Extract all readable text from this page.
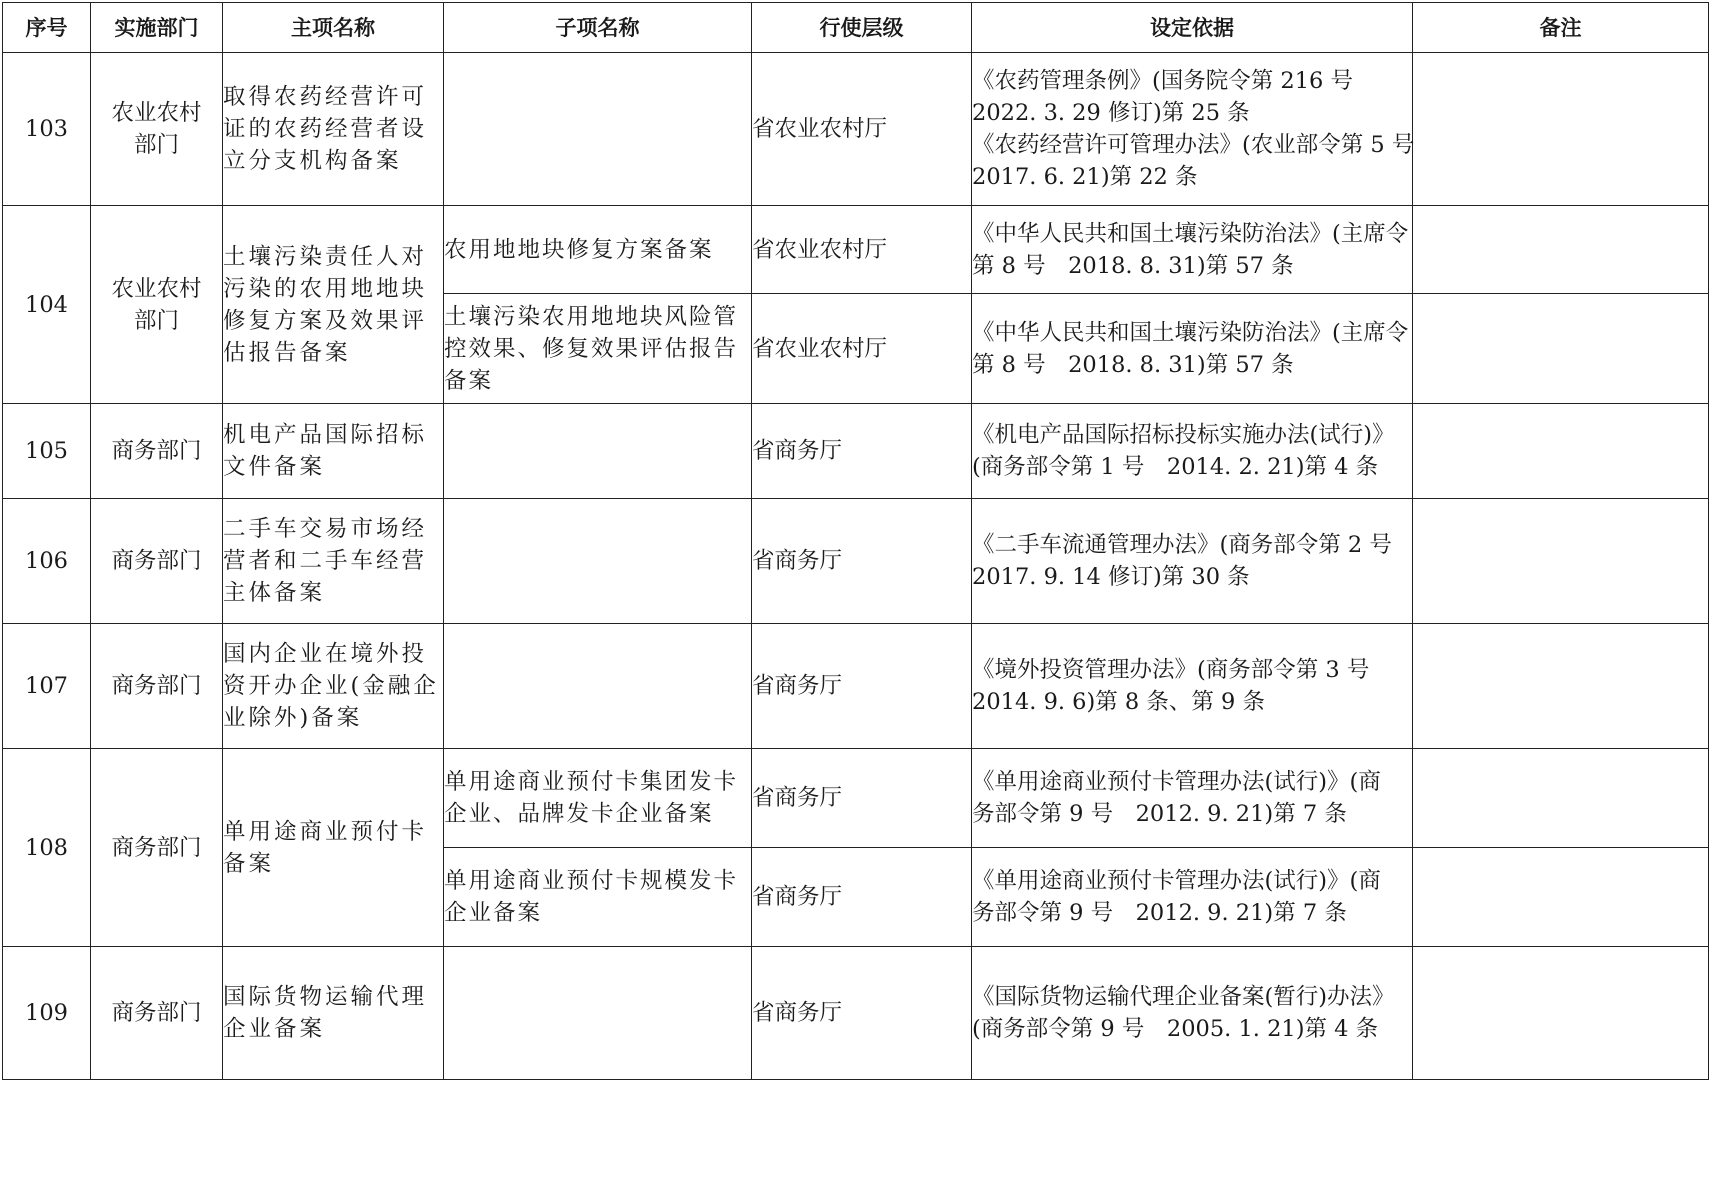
序号	实施部门	主项名称	子项名称	行使层级	设定依据	备注
103	农业农村
部门	取得农药经营许可
证的农药经营者设
立分支机构备案		省农业农村厅	《农药管理条例》(国务院令第 216 号
2022. 3. 29 修订)第 25 条
《农药经营许可管理办法》(农业部令第 5 号
2017. 6. 21)第 22 条	

104	农业农村
部门	土壤污染责任人对
污染的农用地地块
修复方案及效果评
估报告备案	农用地地块修复方案备案	省农业农村厅	《中华人民共和国土壤污染防治法》(主席令
第 8 号　2018. 8. 31)第 57 条	

			土壤污染农用地地块风险管
控效果、修复效果评估报告
备案	省农业农村厅	《中华人民共和国土壤污染防治法》(主席令
第 8 号　2018. 8. 31)第 57 条	

105	商务部门	机电产品国际招标
文件备案		省商务厅	《机电产品国际招标投标实施办法(试行)》
(商务部令第 1 号　2014. 2. 21)第 4 条	

106	商务部门	二手车交易市场经
营者和二手车经营
主体备案		省商务厅	《二手车流通管理办法》(商务部令第 2 号
2017. 9. 14 修订)第 30 条	

107	商务部门	国内企业在境外投
资开办企业(金融企
业除外)备案		省商务厅	《境外投资管理办法》(商务部令第 3 号
2014. 9. 6)第 8 条、第 9 条	

108	商务部门	单用途商业预付卡
备案	单用途商业预付卡集团发卡
企业、品牌发卡企业备案	省商务厅	《单用途商业预付卡管理办法(试行)》(商
务部令第 9 号　2012. 9. 21)第 7 条	

			单用途商业预付卡规模发卡
企业备案	省商务厅	《单用途商业预付卡管理办法(试行)》(商
务部令第 9 号　2012. 9. 21)第 7 条	

109	商务部门	国际货物运输代理
企业备案		省商务厅	《国际货物运输代理企业备案(暂行)办法》
(商务部令第 9 号　2005. 1. 21)第 4 条	
